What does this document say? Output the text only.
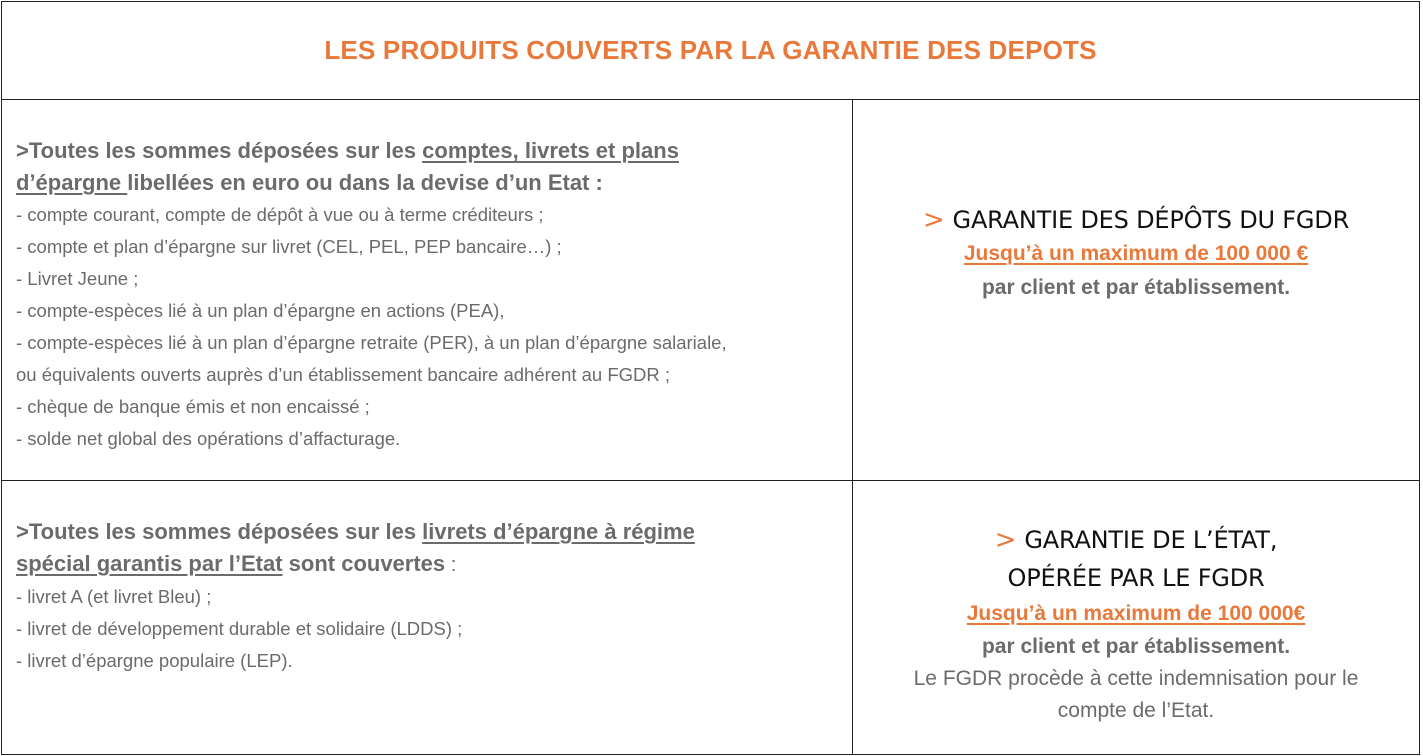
LES PRODUITS COUVERTS PAR LA GARANTIE DES DEPOTS
>Toutes les sommes déposées sur les comptes, livrets et plans
d’épargne libellées en euro ou dans la devise d’un Etat :
- compte courant, compte de dépôt à vue ou à terme créditeurs ;
- compte et plan d’épargne sur livret (CEL, PEL, PEP bancaire…) ;
- Livret Jeune ;
- compte-espèces lié à un plan d’épargne en actions (PEA),
- compte-espèces lié à un plan d’épargne retraite (PER), à un plan d’épargne salariale,
ou équivalents ouverts auprès d’un établissement bancaire adhérent au FGDR ;
- chèque de banque émis et non encaissé ;
- solde net global des opérations d’affacturage.
> GARANTIE DES DÉPÔTS DU FGDR
Jusqu’à un maximum de 100 000 €
par client et par établissement.
>Toutes les sommes déposées sur les livrets d’épargne à régime
spécial garantis par l’Etat sont couvertes :
- livret A (et livret Bleu) ;
- livret de développement durable et solidaire (LDDS) ;
- livret d’épargne populaire (LEP).
> GARANTIE DE L’ÉTAT,
OPÉRÉE PAR LE FGDR
Jusqu’à un maximum de 100 000€
par client et par établissement.
Le FGDR procède à cette indemnisation pour le
compte de l’Etat.
